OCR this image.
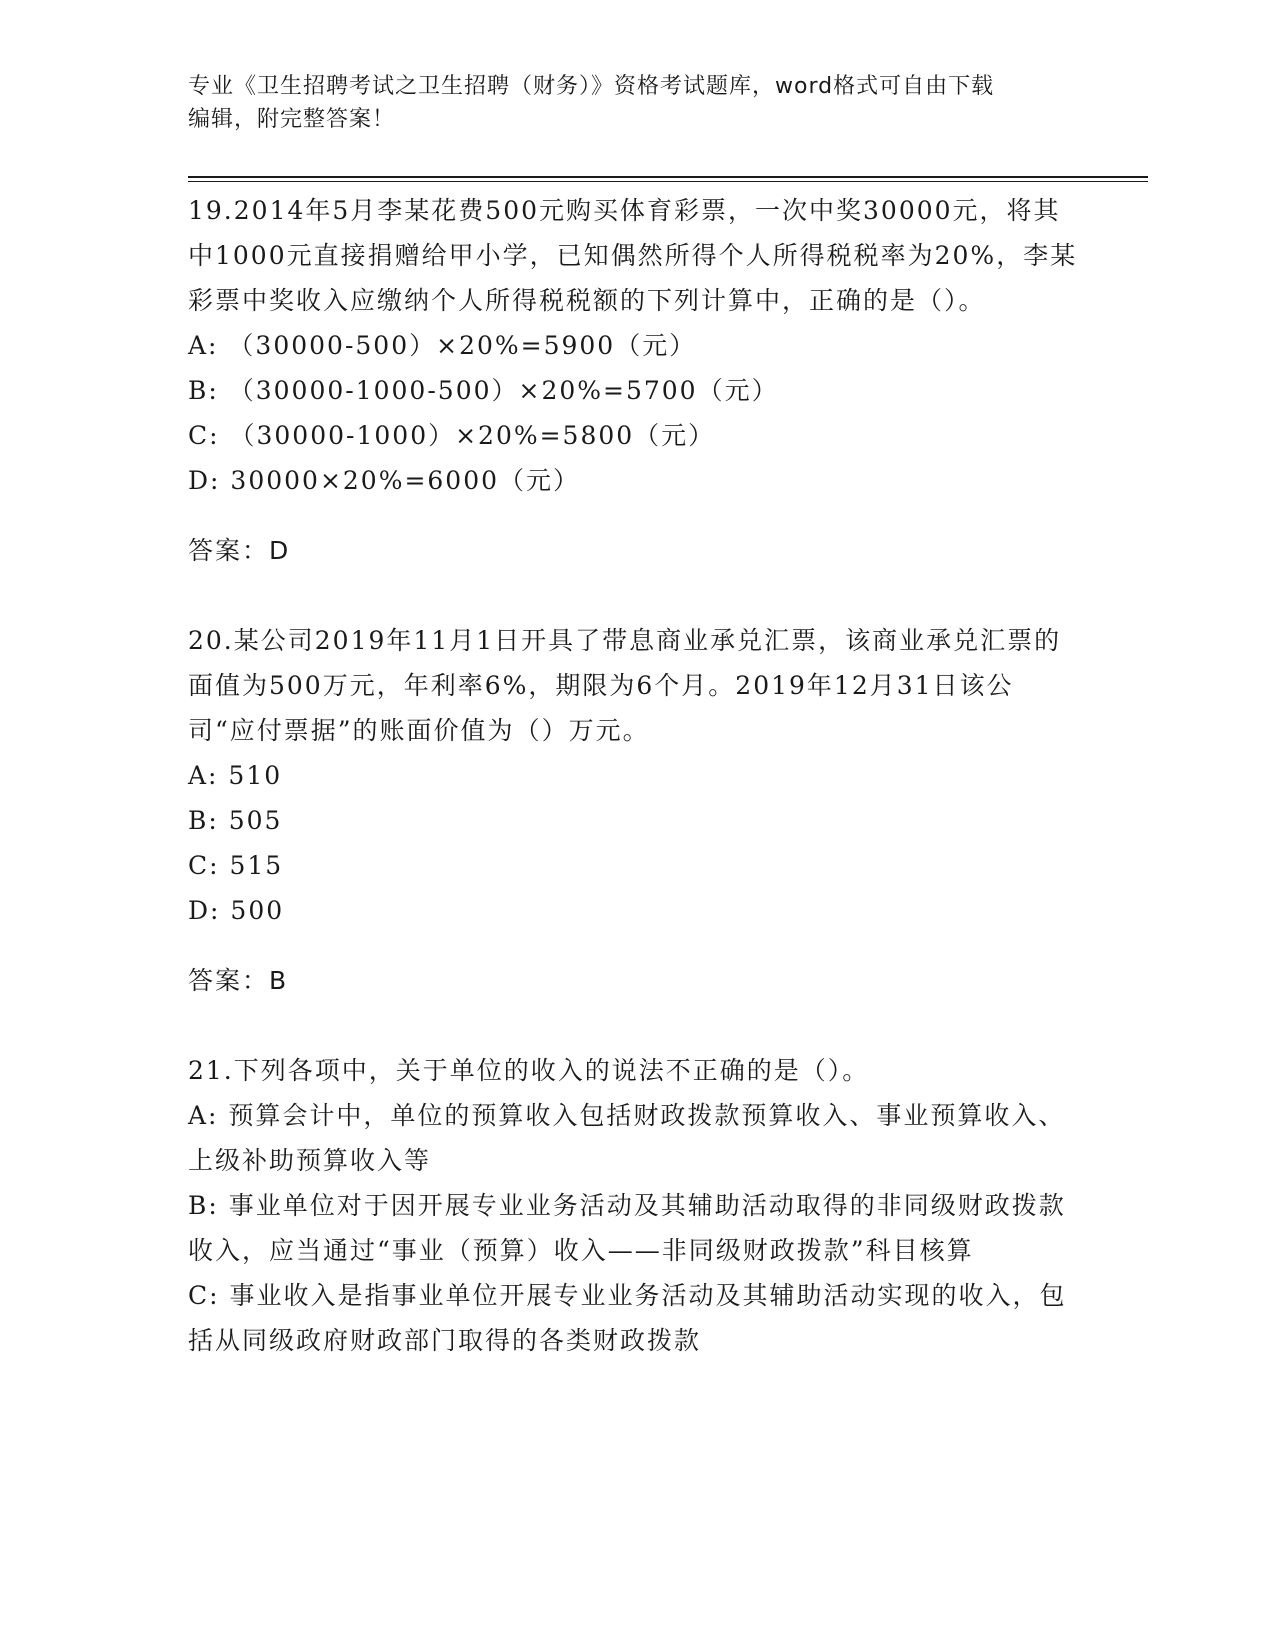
专业《卫生招聘考试之卫生招聘（财务）》资格考试题库，word格式可自由下载
编辑，附完整答案！

19.2014年5月李某花费500元购买体育彩票，一次中奖30000元，将其中1000元直接捐赠给甲小学，已知偶然所得个人所得税税率为20%，李某彩票中奖收入应缴纳个人所得税税额的下列计算中，正确的是（）。

A: （30000-500）×20%=5900（元）

B: （30000-1000-500）×20%=5700（元）

C: （30000-1000）×20%=5800（元）

D: 30000×20%=6000（元）

答案：D

20.某公司2019年11月1日开具了带息商业承兑汇票，该商业承兑汇票的面值为500万元，年利率6%，期限为6个月。2019年12月31日该公司“应付票据”的账面价值为（）万元。

A: 510

B: 505

C: 515

D: 500

答案：B

21.下列各项中，关于单位的收入的说法不正确的是（）。

A: 预算会计中，单位的预算收入包括财政拨款预算收入、事业预算收入、上级补助预算收入等

B: 事业单位对于因开展专业业务活动及其辅助活动取得的非同级财政拨款收入，应当通过“事业（预算）收入——非同级财政拨款”科目核算

C: 事业收入是指事业单位开展专业业务活动及其辅助活动实现的收入，包括从同级政府财政部门取得的各类财政拨款
